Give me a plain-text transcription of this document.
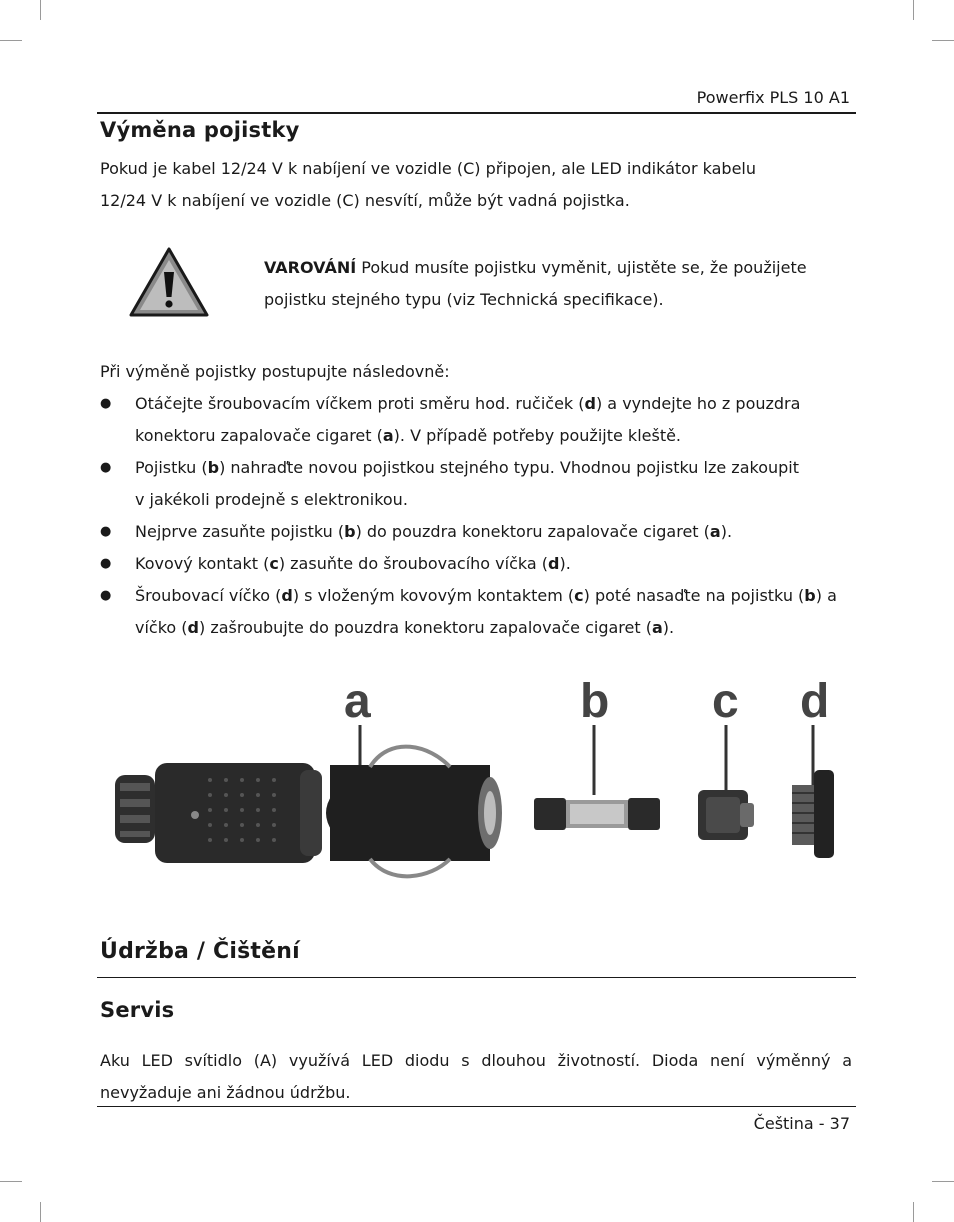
Powerfix PLS 10 A1
Výměna pojistky

Pokud je kabel 12/24 V k nabíjení ve vozidle (C) připojen, ale LED indikátor kabelu

12/24 V k nabíjení ve vozidle (C) nesvítí, může být vadná pojistka.

VAROVÁNÍ Pokud musíte pojistku vyměnit, ujistěte se, že použijete
pojistku stejného typu (viz Technická specifikace).
Při výměně pojistky postupujte následovně:
● Otáčejte šroubovacím víčkem proti směru hod. ručiček (d) a vyndejte ho z pouzdra
konektoru zapalovače cigaret (a). V případě potřeby použijte kleště.
● Pojistku (b) nahraďte novou pojistkou stejného typu. Vhodnou pojistku lze zakoupit
v jakékoli prodejně s elektronikou.
● Nejprve zasuňte pojistku (b) do pouzdra konektoru zapalovače cigaret (a).
● Kovový kontakt (c) zasuňte do šroubovacího víčka (d).
● Šroubovací víčko (d) s vloženým kovovým kontaktem (c) poté nasaďte na pojistku (b) a
víčko (d) zašroubujte do pouzdra konektoru zapalovače cigaret (a).
a	b c d
Údržba / Čištění
Servis

Aku LED svítidlo (A) využívá LED diodu s dlouhou životností. Dioda není výměnný a nevyžaduje ani žádnou údržbu.

Čeština - 37
